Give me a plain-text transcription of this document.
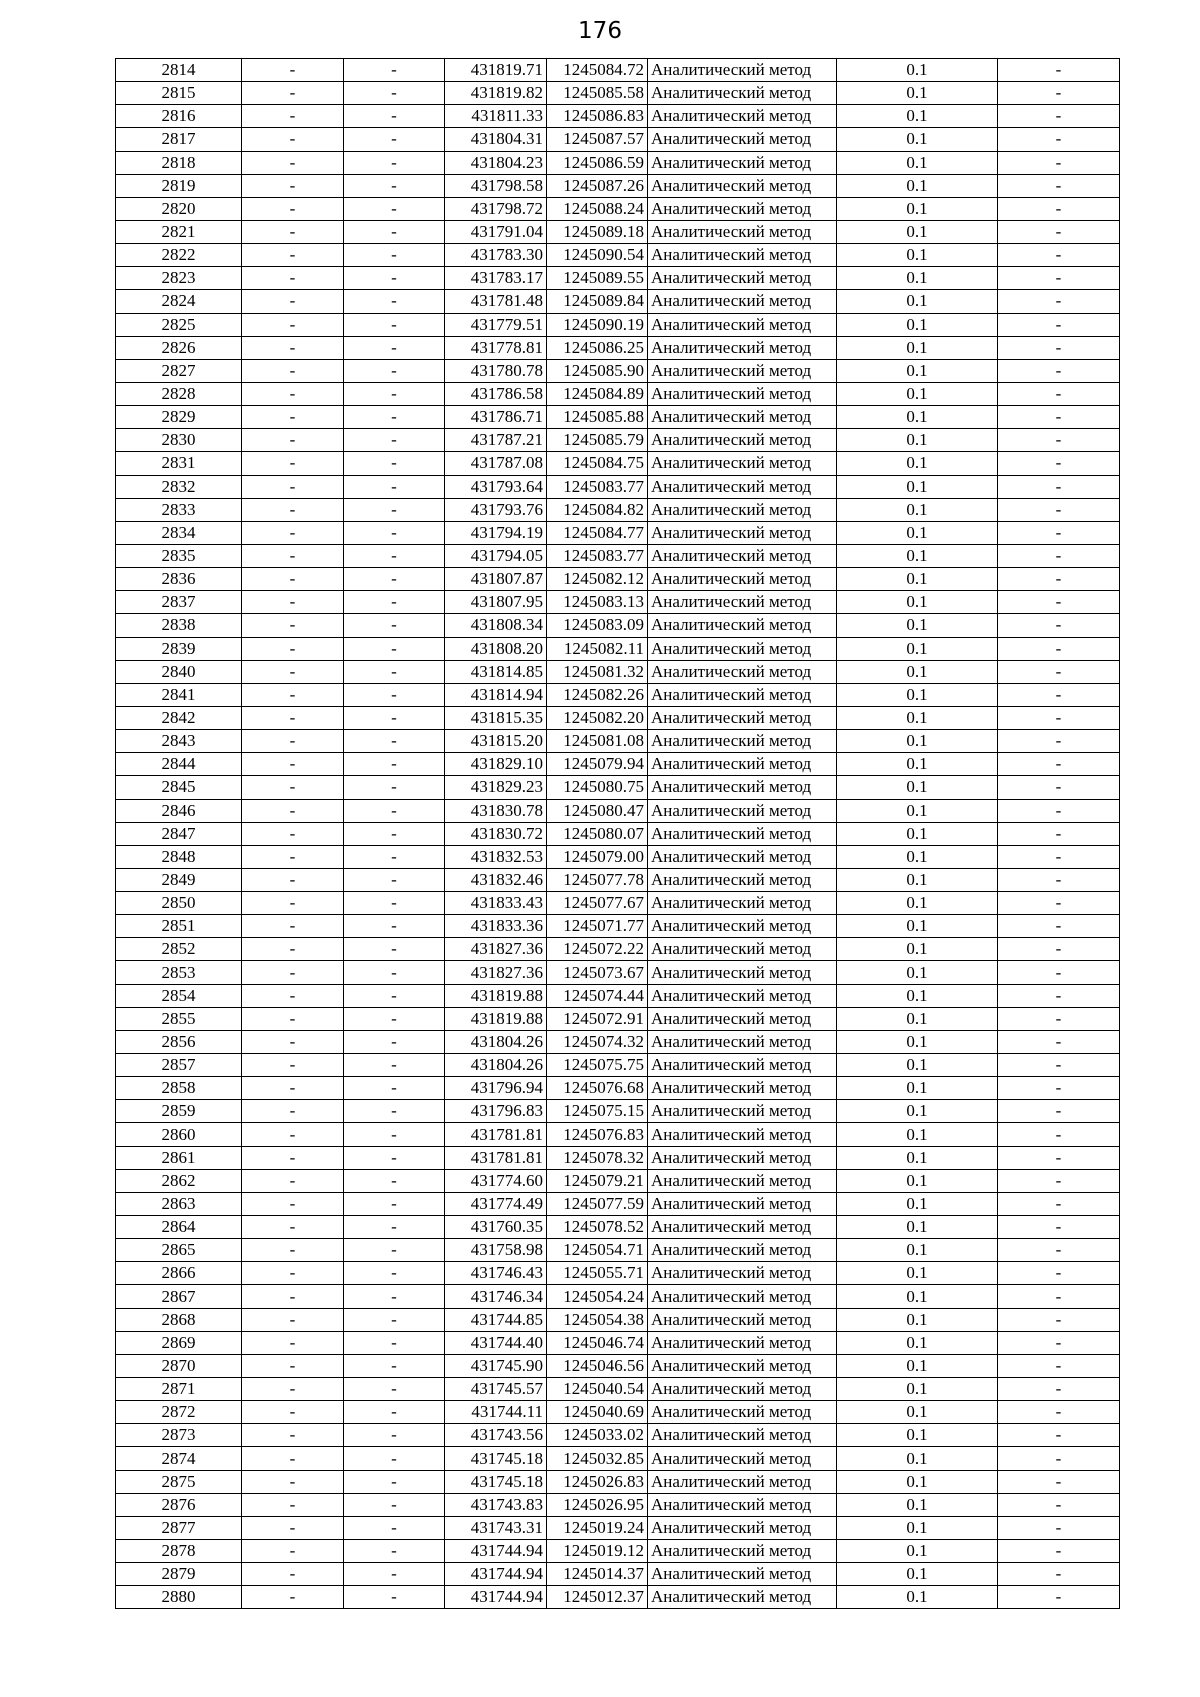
176
2814	-	-	431819.71	1245084.72	Аналитический метод	0.1	-
2815	-	-	431819.82	1245085.58	Аналитический метод	0.1	-
2816	-	-	431811.33	1245086.83	Аналитический метод	0.1	-
2817	-	-	431804.31	1245087.57	Аналитический метод	0.1	-
2818	-	-	431804.23	1245086.59	Аналитический метод	0.1	-
2819	-	-	431798.58	1245087.26	Аналитический метод	0.1	-
2820	-	-	431798.72	1245088.24	Аналитический метод	0.1	-
2821	-	-	431791.04	1245089.18	Аналитический метод	0.1	-
2822	-	-	431783.30	1245090.54	Аналитический метод	0.1	-
2823	-	-	431783.17	1245089.55	Аналитический метод	0.1	-
2824	-	-	431781.48	1245089.84	Аналитический метод	0.1	-
2825	-	-	431779.51	1245090.19	Аналитический метод	0.1	-
2826	-	-	431778.81	1245086.25	Аналитический метод	0.1	-
2827	-	-	431780.78	1245085.90	Аналитический метод	0.1	-
2828	-	-	431786.58	1245084.89	Аналитический метод	0.1	-
2829	-	-	431786.71	1245085.88	Аналитический метод	0.1	-
2830	-	-	431787.21	1245085.79	Аналитический метод	0.1	-
2831	-	-	431787.08	1245084.75	Аналитический метод	0.1	-
2832	-	-	431793.64	1245083.77	Аналитический метод	0.1	-
2833	-	-	431793.76	1245084.82	Аналитический метод	0.1	-
2834	-	-	431794.19	1245084.77	Аналитический метод	0.1	-
2835	-	-	431794.05	1245083.77	Аналитический метод	0.1	-
2836	-	-	431807.87	1245082.12	Аналитический метод	0.1	-
2837	-	-	431807.95	1245083.13	Аналитический метод	0.1	-
2838	-	-	431808.34	1245083.09	Аналитический метод	0.1	-
2839	-	-	431808.20	1245082.11	Аналитический метод	0.1	-
2840	-	-	431814.85	1245081.32	Аналитический метод	0.1	-
2841	-	-	431814.94	1245082.26	Аналитический метод	0.1	-
2842	-	-	431815.35	1245082.20	Аналитический метод	0.1	-
2843	-	-	431815.20	1245081.08	Аналитический метод	0.1	-
2844	-	-	431829.10	1245079.94	Аналитический метод	0.1	-
2845	-	-	431829.23	1245080.75	Аналитический метод	0.1	-
2846	-	-	431830.78	1245080.47	Аналитический метод	0.1	-
2847	-	-	431830.72	1245080.07	Аналитический метод	0.1	-
2848	-	-	431832.53	1245079.00	Аналитический метод	0.1	-
2849	-	-	431832.46	1245077.78	Аналитический метод	0.1	-
2850	-	-	431833.43	1245077.67	Аналитический метод	0.1	-
2851	-	-	431833.36	1245071.77	Аналитический метод	0.1	-
2852	-	-	431827.36	1245072.22	Аналитический метод	0.1	-
2853	-	-	431827.36	1245073.67	Аналитический метод	0.1	-
2854	-	-	431819.88	1245074.44	Аналитический метод	0.1	-
2855	-	-	431819.88	1245072.91	Аналитический метод	0.1	-
2856	-	-	431804.26	1245074.32	Аналитический метод	0.1	-
2857	-	-	431804.26	1245075.75	Аналитический метод	0.1	-
2858	-	-	431796.94	1245076.68	Аналитический метод	0.1	-
2859	-	-	431796.83	1245075.15	Аналитический метод	0.1	-
2860	-	-	431781.81	1245076.83	Аналитический метод	0.1	-
2861	-	-	431781.81	1245078.32	Аналитический метод	0.1	-
2862	-	-	431774.60	1245079.21	Аналитический метод	0.1	-
2863	-	-	431774.49	1245077.59	Аналитический метод	0.1	-
2864	-	-	431760.35	1245078.52	Аналитический метод	0.1	-
2865	-	-	431758.98	1245054.71	Аналитический метод	0.1	-
2866	-	-	431746.43	1245055.71	Аналитический метод	0.1	-
2867	-	-	431746.34	1245054.24	Аналитический метод	0.1	-
2868	-	-	431744.85	1245054.38	Аналитический метод	0.1	-
2869	-	-	431744.40	1245046.74	Аналитический метод	0.1	-
2870	-	-	431745.90	1245046.56	Аналитический метод	0.1	-
2871	-	-	431745.57	1245040.54	Аналитический метод	0.1	-
2872	-	-	431744.11	1245040.69	Аналитический метод	0.1	-
2873	-	-	431743.56	1245033.02	Аналитический метод	0.1	-
2874	-	-	431745.18	1245032.85	Аналитический метод	0.1	-
2875	-	-	431745.18	1245026.83	Аналитический метод	0.1	-
2876	-	-	431743.83	1245026.95	Аналитический метод	0.1	-
2877	-	-	431743.31	1245019.24	Аналитический метод	0.1	-
2878	-	-	431744.94	1245019.12	Аналитический метод	0.1	-
2879	-	-	431744.94	1245014.37	Аналитический метод	0.1	-
2880	-	-	431744.94	1245012.37	Аналитический метод	0.1	-
